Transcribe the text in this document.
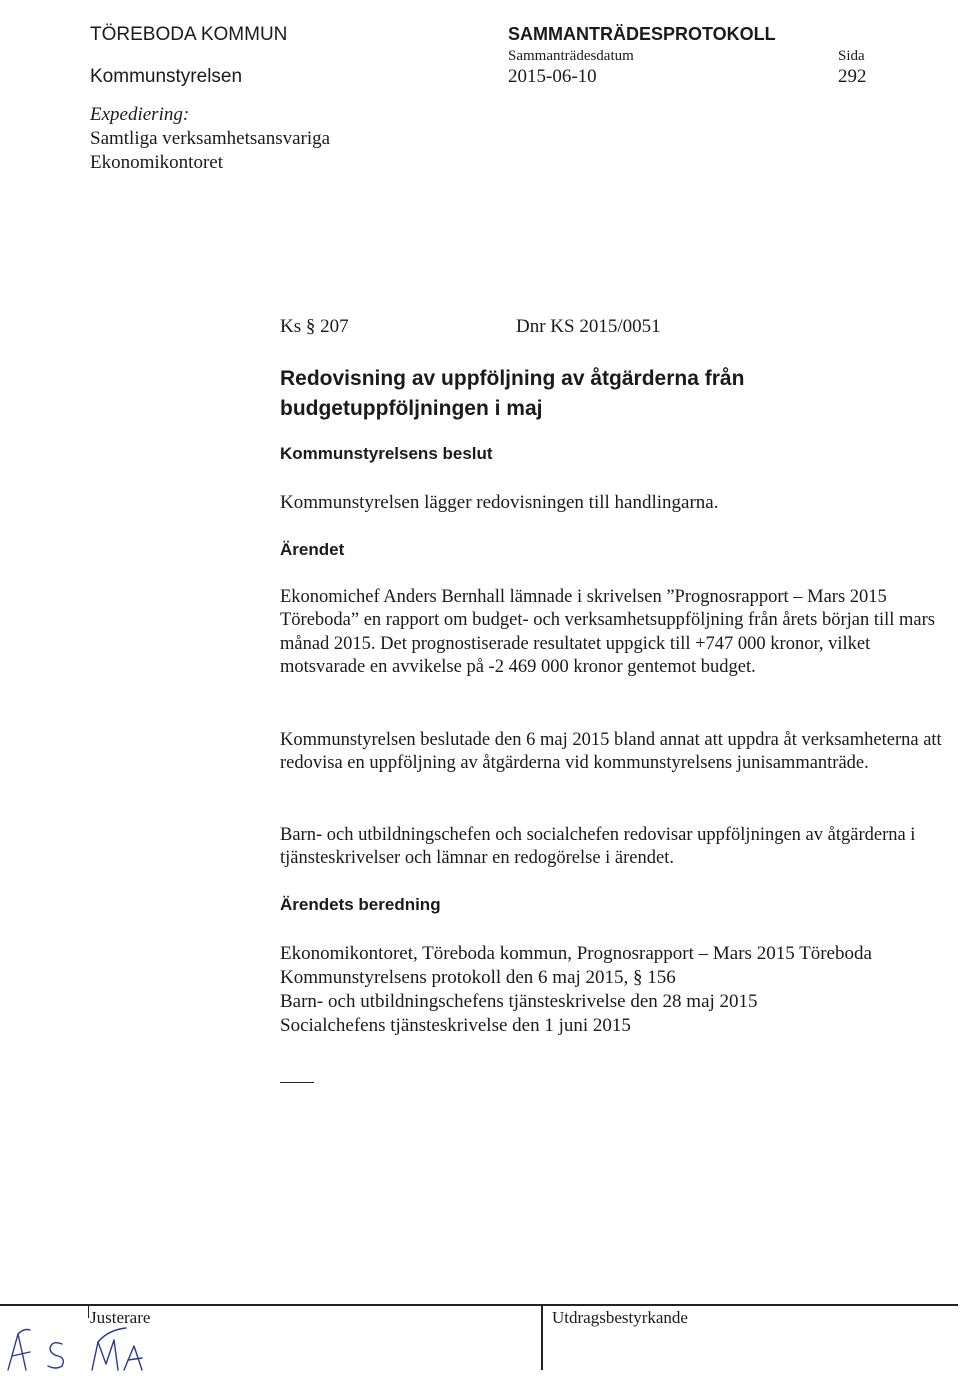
TÖREBODA KOMMUN
Kommunstyrelsen
SAMMANTRÄDESPROTOKOLL
Sammanträdesdatum
2015-06-10
Sida
292
Expediering:
Samtliga verksamhetsansvariga
Ekonomikontoret
Ks § 207	Dnr KS 2015/0051
Redovisning av uppföljning av åtgärderna från budgetuppföljningen i maj
Kommunstyrelsens beslut
Kommunstyrelsen lägger redovisningen till handlingarna.
Ärendet
Ekonomichef Anders Bernhall lämnade i skrivelsen ”Prognosrapport – Mars 2015 Töreboda” en rapport om budget- och verksamhetsuppföljning från årets början till mars månad 2015. Det prognostiserade resultatet uppgick till +747 000 kronor, vilket motsvarade en avvikelse på -2 469 000 kronor gentemot budget.
Kommunstyrelsen beslutade den 6 maj 2015 bland annat att uppdra åt verksamheterna att redovisa en uppföljning av åtgärderna vid kommunstyrelsens junisammanträde.
Barn- och utbildningschefen och socialchefen redovisar uppföljningen av åtgärderna i tjänsteskrivelser och lämnar en redogörelse i ärendet.
Ärendets beredning
Ekonomikontoret, Töreboda kommun, Prognosrapport – Mars 2015 Töreboda
Kommunstyrelsens protokoll den 6 maj 2015, § 156
Barn- och utbildningschefens tjänsteskrivelse den 28 maj 2015
Socialchefens tjänsteskrivelse den 1 juni 2015
Justerare	Utdragsbestyrkande
